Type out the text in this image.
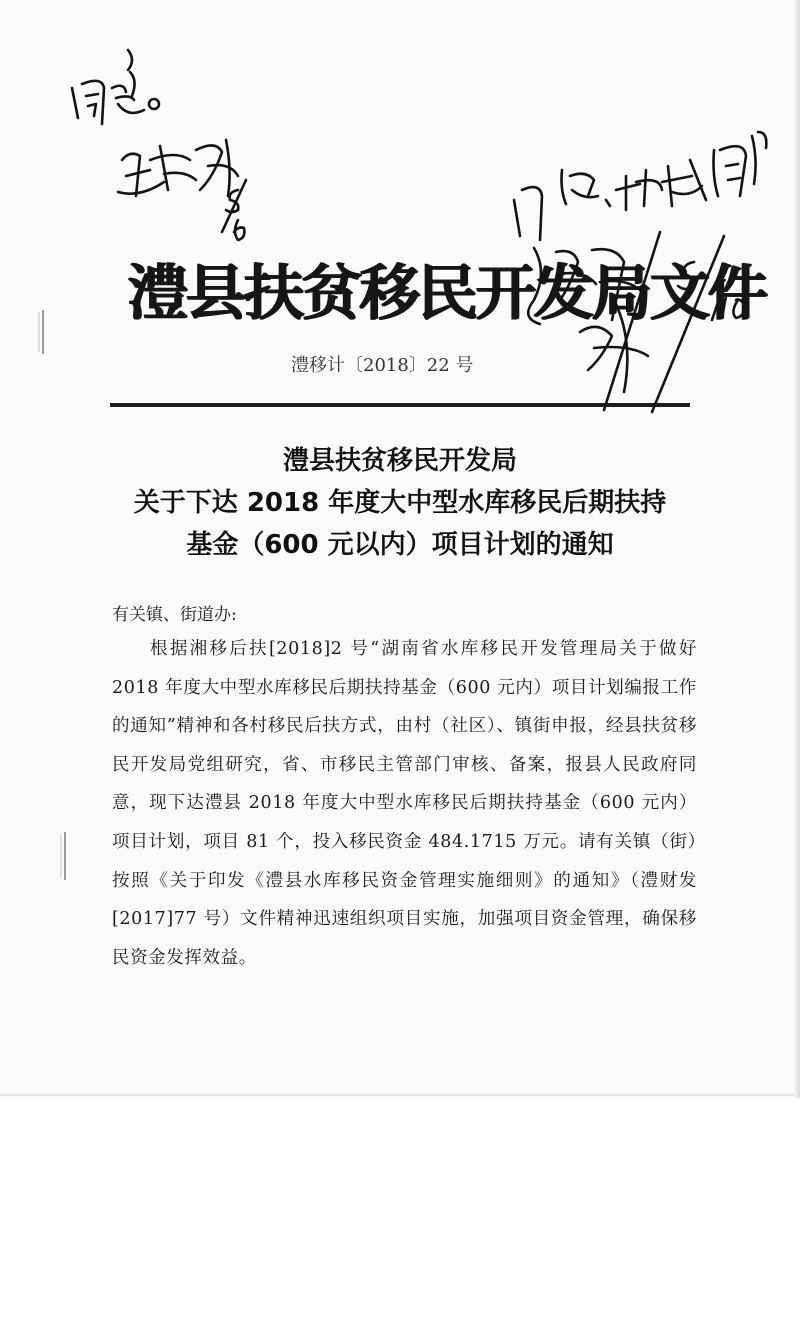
澧县扶贫移民开发局文件
澧移计〔2018〕22 号
澧县扶贫移民开发局
关于下达 2018 年度大中型水库移民后期扶持
基金（600 元以内）项目计划的通知
有关镇、街道办:

根据湘移后扶[2018]2 号“湖南省水库移民开发管理局关于做好 2018 年度大中型水库移民后期扶持基金（600 元内）项目计划编报工作的通知”精神和各村移民后扶方式，由村（社区）、镇街申报，经县扶贫移民开发局党组研究，省、市移民主管部门审核、备案，报县人民政府同意，现下达澧县 2018 年度大中型水库移民后期扶持基金（600 元内）项目计划，项目 81 个，投入移民资金 484.1715 万元。请有关镇（街）按照《关于印发《澧县水库移民资金管理实施细则》的通知》（澧财发[2017]77 号）文件精神迅速组织项目实施，加强项目资金管理，确保移民资金发挥效益。
